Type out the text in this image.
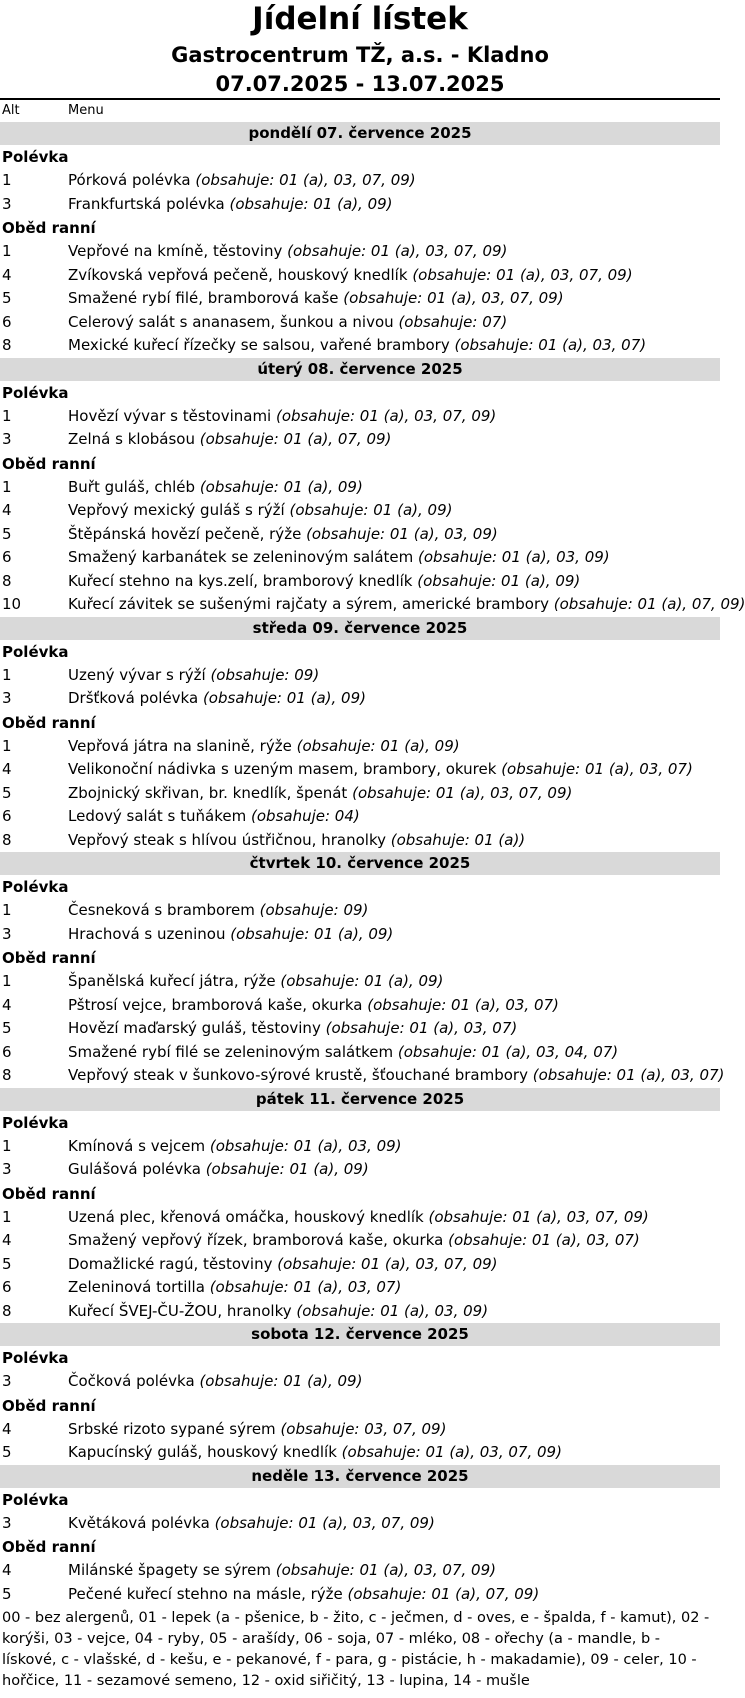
Jídelní lístek
Gastrocentrum TŽ, a.s. - Kladno
07.07.2025 - 13.07.2025
Alt	Menu
pondělí 07. července 2025
Polévka
1	Pórková polévka (obsahuje: 01 (a), 03, 07, 09)
3	Frankfurtská polévka (obsahuje: 01 (a), 09)
Oběd ranní
1	Vepřové na kmíně, těstoviny (obsahuje: 01 (a), 03, 07, 09)
4	Zvíkovská vepřová pečeně, houskový knedlík (obsahuje: 01 (a), 03, 07, 09)
5	Smažené rybí filé, bramborová kaše (obsahuje: 01 (a), 03, 07, 09)
6	Celerový salát s ananasem, šunkou a nivou (obsahuje: 07)
8	Mexické kuřecí řízečky se salsou, vařené brambory (obsahuje: 01 (a), 03, 07)
úterý 08. července 2025
Polévka
1	Hovězí vývar s těstovinami (obsahuje: 01 (a), 03, 07, 09)
3	Zelná s klobásou (obsahuje: 01 (a), 07, 09)
Oběd ranní
1	Buřt guláš, chléb (obsahuje: 01 (a), 09)
4	Vepřový mexický guláš s rýží (obsahuje: 01 (a), 09)
5	Štěpánská hovězí pečeně, rýže (obsahuje: 01 (a), 03, 09)
6	Smažený karbanátek se zeleninovým salátem (obsahuje: 01 (a), 03, 09)
8	Kuřecí stehno na kys.zelí, bramborový knedlík (obsahuje: 01 (a), 09)
10	Kuřecí závitek se sušenými rajčaty a sýrem, americké brambory (obsahuje: 01 (a), 07, 09)
středa 09. července 2025
Polévka
1	Uzený vývar s rýží (obsahuje: 09)
3	Dršťková polévka (obsahuje: 01 (a), 09)
Oběd ranní
1	Vepřová játra na slanině, rýže (obsahuje: 01 (a), 09)
4	Velikonoční nádivka s uzeným masem, brambory, okurek (obsahuje: 01 (a), 03, 07)
5	Zbojnický skřivan, br. knedlík, špenát (obsahuje: 01 (a), 03, 07, 09)
6	Ledový salát s tuňákem (obsahuje: 04)
8	Vepřový steak s hlívou ústřičnou, hranolky (obsahuje: 01 (a))
čtvrtek 10. července 2025
Polévka
1	Česneková s bramborem (obsahuje: 09)
3	Hrachová s uzeninou (obsahuje: 01 (a), 09)
Oběd ranní
1	Španělská kuřecí játra, rýže (obsahuje: 01 (a), 09)
4	Pštrosí vejce, bramborová kaše, okurka (obsahuje: 01 (a), 03, 07)
5	Hovězí maďarský guláš, těstoviny (obsahuje: 01 (a), 03, 07)
6	Smažené rybí filé se zeleninovým salátkem (obsahuje: 01 (a), 03, 04, 07)
8	Vepřový steak v šunkovo-sýrové krustě, šťouchané brambory (obsahuje: 01 (a), 03, 07)
pátek 11. července 2025
Polévka
1	Kmínová s vejcem (obsahuje: 01 (a), 03, 09)
3	Gulášová polévka (obsahuje: 01 (a), 09)
Oběd ranní
1	Uzená plec, křenová omáčka, houskový knedlík (obsahuje: 01 (a), 03, 07, 09)
4	Smažený vepřový řízek, bramborová kaše, okurka (obsahuje: 01 (a), 03, 07)
5	Domažlické ragú, těstoviny (obsahuje: 01 (a), 03, 07, 09)
6	Zeleninová tortilla (obsahuje: 01 (a), 03, 07)
8	Kuřecí ŠVEJ-ČU-ŽOU, hranolky (obsahuje: 01 (a), 03, 09)
sobota 12. července 2025
Polévka
3	Čočková polévka (obsahuje: 01 (a), 09)
Oběd ranní
4	Srbské rizoto sypané sýrem (obsahuje: 03, 07, 09)
5	Kapucínský guláš, houskový knedlík (obsahuje: 01 (a), 03, 07, 09)
neděle 13. července 2025
Polévka
3	Květáková polévka (obsahuje: 01 (a), 03, 07, 09)
Oběd ranní
4	Milánské špagety se sýrem (obsahuje: 01 (a), 03, 07, 09)
5	Pečené kuřecí stehno na másle, rýže (obsahuje: 01 (a), 07, 09)
00 - bez alergenů, 01 - lepek (a - pšenice, b - žito, c - ječmen, d - oves, e - špalda, f - kamut), 02 - korýši, 03 - vejce, 04 - ryby, 05 - arašídy, 06 - soja, 07 - mléko, 08 - ořechy (a - mandle, b - lískové, c - vlašské, d - kešu, e - pekanové, f - para, g - pistácie, h - makadamie), 09 - celer, 10 - hořčice, 11 - sezamové semeno, 12 - oxid siřičitý, 13 - lupina, 14 - mušle
